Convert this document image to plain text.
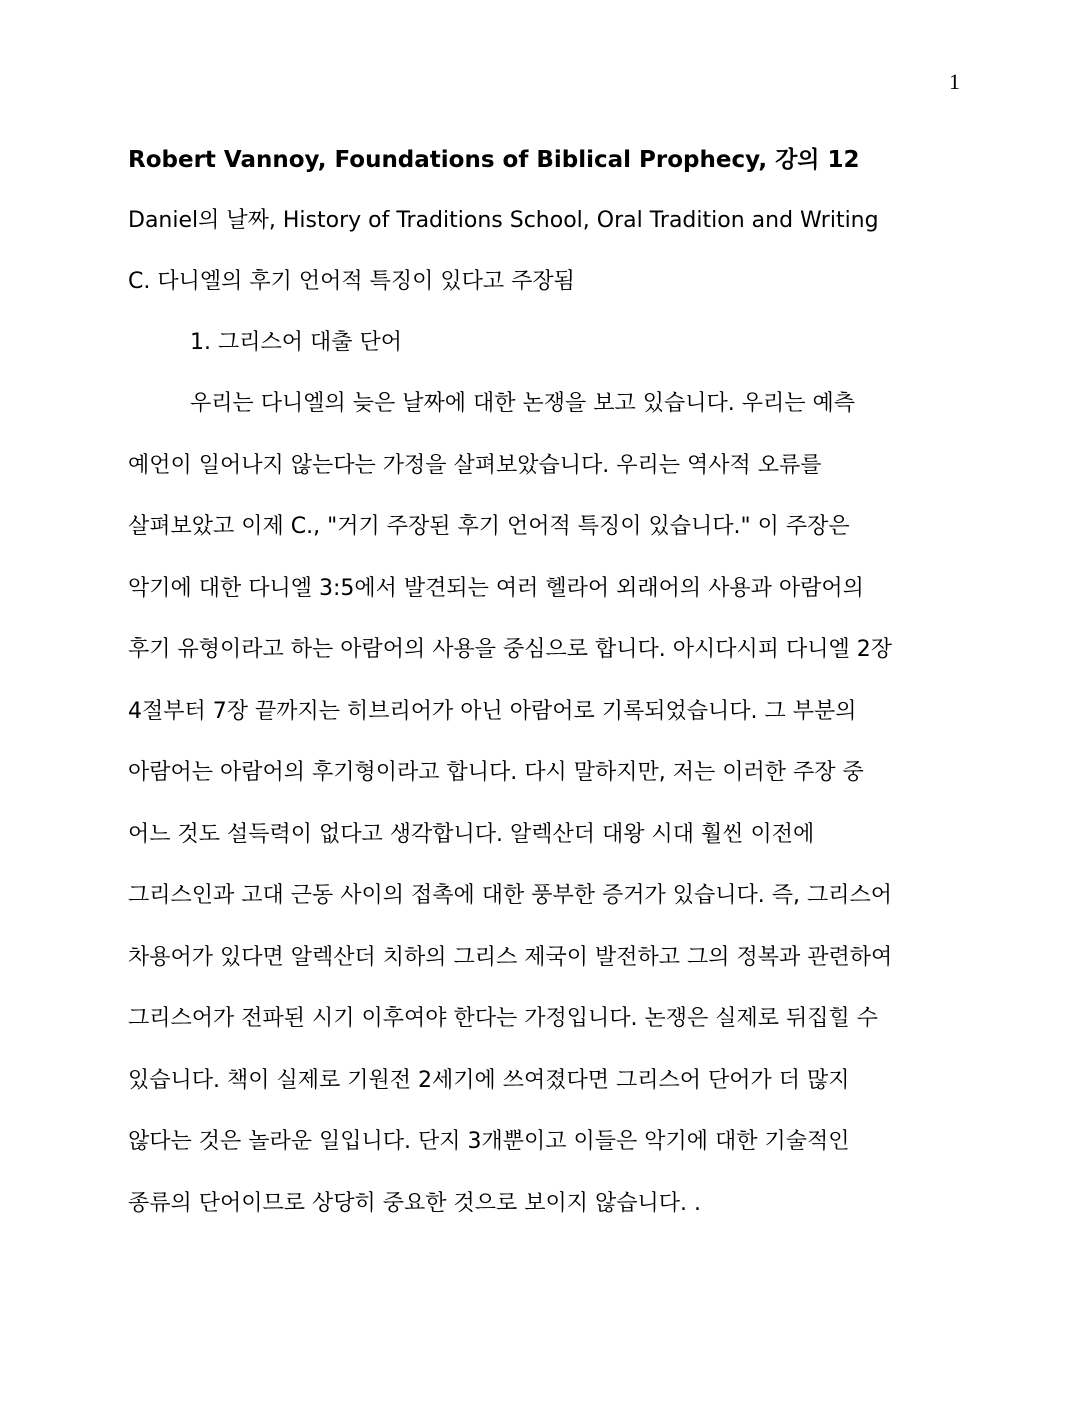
1
Robert Vannoy, Foundations of Biblical Prophecy, 강의 12
Daniel의 날짜, History of Traditions School, Oral Tradition and Writing
C. 다니엘의 후기 언어적 특징이 있다고 주장됨
1. 그리스어 대출 단어
우리는 다니엘의 늦은 날짜에 대한 논쟁을 보고 있습니다. 우리는 예측
예언이 일어나지 않는다는 가정을 살펴보았습니다. 우리는 역사적 오류를
살펴보았고 이제 C., "거기 주장된 후기 언어적 특징이 있습니다." 이 주장은
악기에 대한 다니엘 3:5에서 발견되는 여러 헬라어 외래어의 사용과 아람어의
후기 유형이라고 하는 아람어의 사용을 중심으로 합니다. 아시다시피 다니엘 2장
4절부터 7장 끝까지는 히브리어가 아닌 아람어로 기록되었습니다. 그 부분의
아람어는 아람어의 후기형이라고 합니다. 다시 말하지만, 저는 이러한 주장 중
어느 것도 설득력이 없다고 생각합니다. 알렉산더 대왕 시대 훨씬 이전에
그리스인과 고대 근동 사이의 접촉에 대한 풍부한 증거가 있습니다. 즉, 그리스어
차용어가 있다면 알렉산더 치하의 그리스 제국이 발전하고 그의 정복과 관련하여
그리스어가 전파된 시기 이후여야 한다는 가정입니다. 논쟁은 실제로 뒤집힐 수
있습니다. 책이 실제로 기원전 2세기에 쓰여졌다면 그리스어 단어가 더 많지
않다는 것은 놀라운 일입니다. 단지 3개뿐이고 이들은 악기에 대한 기술적인
종류의 단어이므로 상당히 중요한 것으로 보이지 않습니다. .
